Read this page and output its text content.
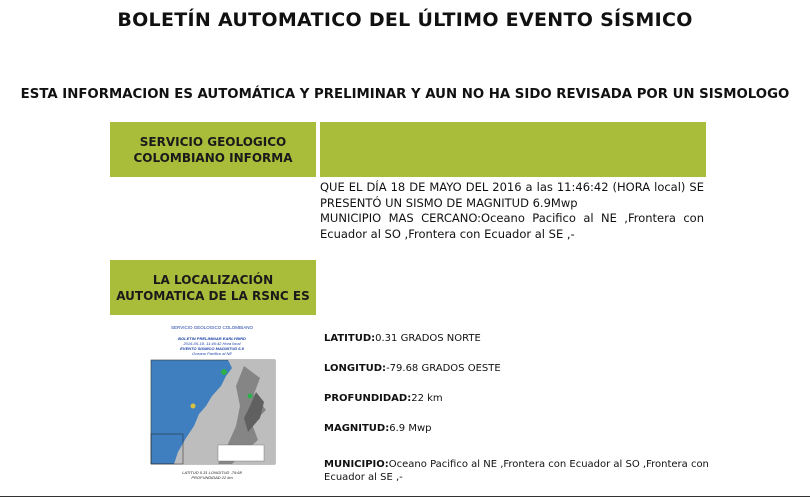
BOLETÍN AUTOMATICO DEL ÚLTIMO EVENTO SÍSMICO
ESTA INFORMACION ES AUTOMÁTICA Y PRELIMINAR Y AUN NO HA SIDO REVISADA POR UN SISMOLOGO
SERVICIO GEOLOGICO COLOMBIANO INFORMA

QUE EL DÍA 18 DE MAYO DEL 2016 a las 11:46:42 (HORA local) SE PRESENTÓ UN SISMO DE MAGNITUD 6.9Mwp

MUNICIPIO MAS CERCANO:Oceano Pacifico al NE ,Frontera con Ecuador al SO ,Frontera con Ecuador al SE ,-

LA LOCALIZACIÓN AUTOMATICA DE LA RSNC ES
SERVICIO GEOLOGICO COLOMBIANO
BOLETIN PRELIMINAR EARLYBIRD
2016-05-18, 11:46:42 Hora local
EVENTO SISMICO MAGNITUD 6.9
Oceano Pacifico al NE
LATITUD 0.31 LONGITUD -79.68
PROFUNDIDAD 22 km
LATITUD:0.31 GRADOS NORTE
LONGITUD:-79.68 GRADOS OESTE
PROFUNDIDAD:22 km
MAGNITUD:6.9 Mwp
MUNICIPIO:Oceano Pacifico al NE ,Frontera con Ecuador al SO ,Frontera con Ecuador al SE ,-
